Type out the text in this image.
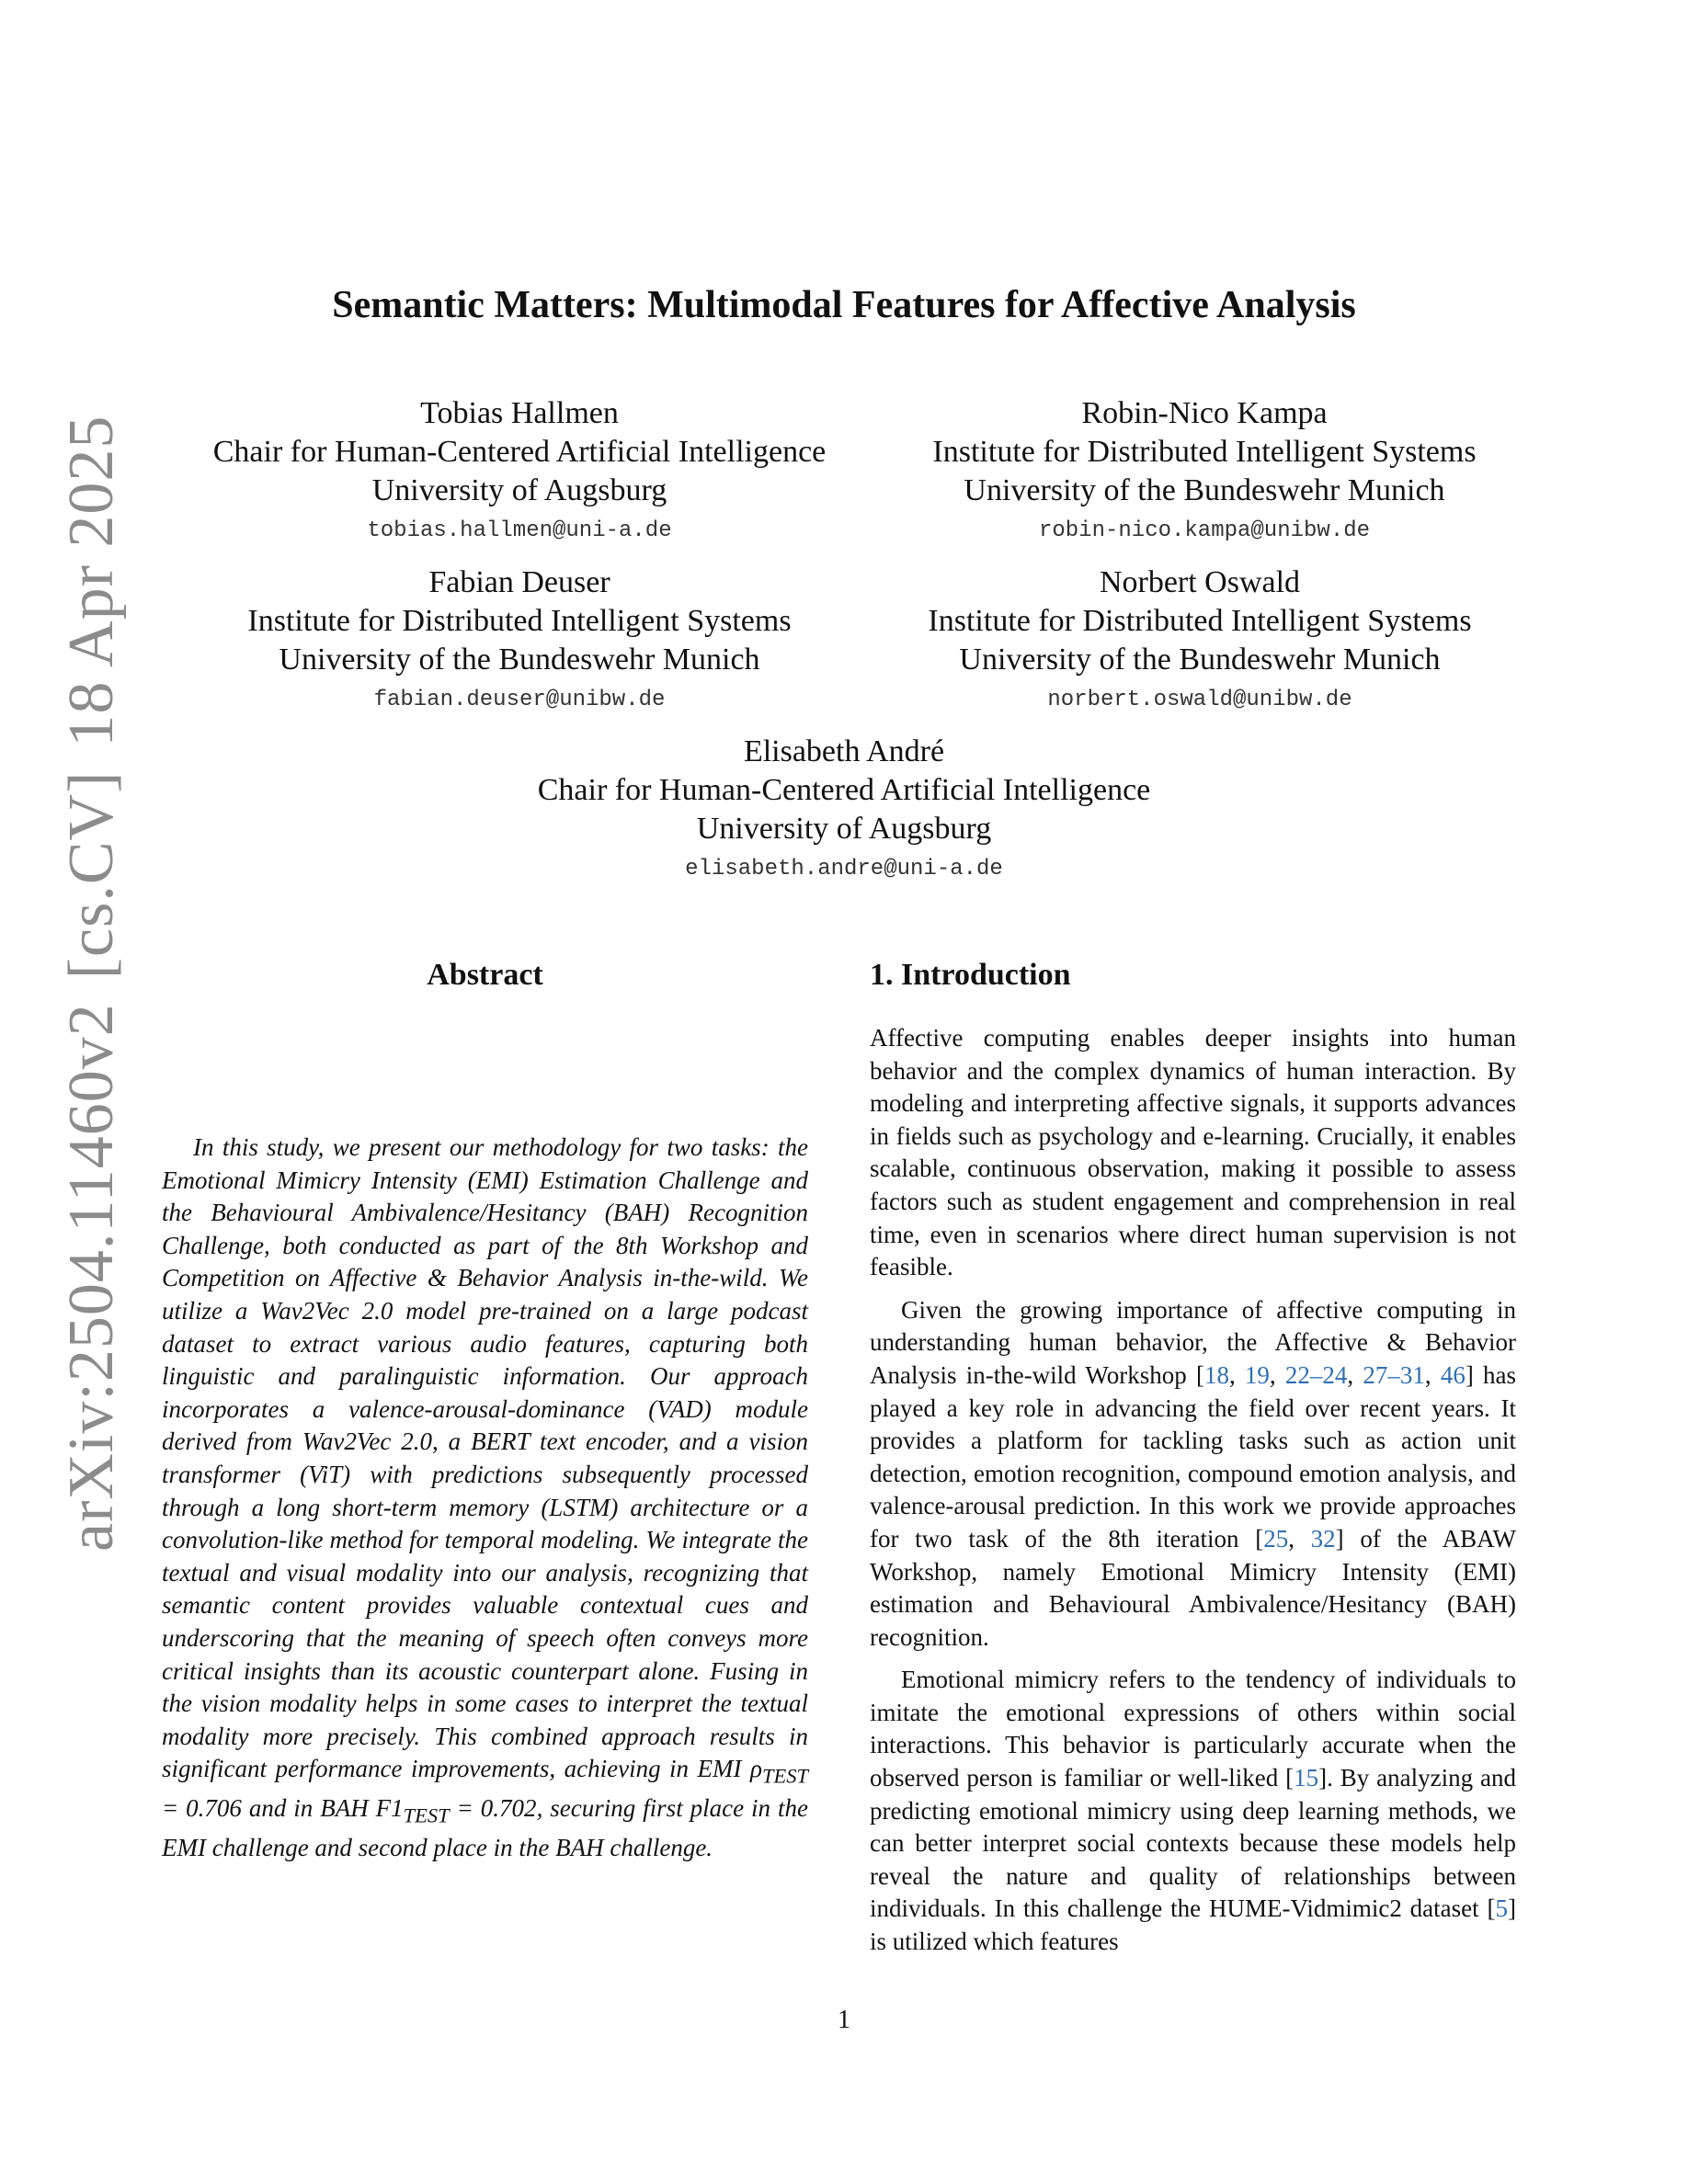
arXiv:2504.11460v2[cs.CV]18 Apr 2025
Semantic Matters: Multimodal Features for Affective Analysis
Tobias Hallmen
Chair for Human-Centered Artificial Intelligence
University of Augsburg
tobias.hallmen@uni-a.de
Robin-Nico Kampa
Institute for Distributed Intelligent Systems
University of the Bundeswehr Munich
robin-nico.kampa@unibw.de
Fabian Deuser
Institute for Distributed Intelligent Systems
University of the Bundeswehr Munich
fabian.deuser@unibw.de
Norbert Oswald
Institute for Distributed Intelligent Systems
University of the Bundeswehr Munich
norbert.oswald@unibw.de
Elisabeth André
Chair for Human-Centered Artificial Intelligence
University of Augsburg
elisabeth.andre@uni-a.de
Abstract

In this study, we present our methodology for two tasks: the Emotional Mimicry Intensity (EMI) Estimation Challenge and the Behavioural Ambivalence/Hesitancy (BAH) Recognition Challenge, both conducted as part of the 8th Workshop and Competition on Affective & Behavior Analysis in-the-wild. We utilize a Wav2Vec 2.0 model pre-trained on a large podcast dataset to extract various audio features, capturing both linguistic and paralinguistic information. Our approach incorporates a valence-arousal-dominance (VAD) module derived from Wav2Vec 2.0, a BERT text encoder, and a vision transformer (ViT) with predictions subsequently processed through a long short-term memory (LSTM) architecture or a convolution-like method for temporal modeling. We integrate the textual and visual modality into our analysis, recognizing that semantic content provides valuable contextual cues and underscoring that the meaning of speech often conveys more critical insights than its acoustic counterpart alone. Fusing in the vision modality helps in some cases to interpret the textual modality more precisely. This combined approach results in significant performance improvements, achieving in EMI $\rho_{TEST} = 0.706$ and in BAH $F1_{TEST} = 0.702$, securing first place in the EMI challenge and second place in the BAH challenge.

1. Introduction

Affective computing enables deeper insights into human behavior and the complex dynamics of human interaction. By modeling and interpreting affective signals, it supports advances in fields such as psychology and e-learning. Crucially, it enables scalable, continuous observation, making it possible to assess factors such as student engagement and comprehension in real time, even in scenarios where direct human supervision is not feasible.

Given the growing importance of affective computing in understanding human behavior, the Affective & Behavior Analysis in-the-wild Workshop [18, 19, 22–24, 27–31, 46] has played a key role in advancing the field over recent years. It provides a platform for tackling tasks such as action unit detection, emotion recognition, compound emotion analysis, and valence-arousal prediction. In this work we provide approaches for two task of the 8th iteration [25, 32] of the ABAW Workshop, namely Emotional Mimicry Intensity (EMI) estimation and Behavioural Ambivalence/Hesitancy (BAH) recognition.

Emotional mimicry refers to the tendency of individuals to imitate the emotional expressions of others within social interactions. This behavior is particularly accurate when the observed person is familiar or well-liked [15]. By analyzing and predicting emotional mimicry using deep learning methods, we can better interpret social contexts because these models help reveal the nature and quality of relationships between individuals. In this challenge the HUME-Vidmimic2 dataset [5] is utilized which features

1
